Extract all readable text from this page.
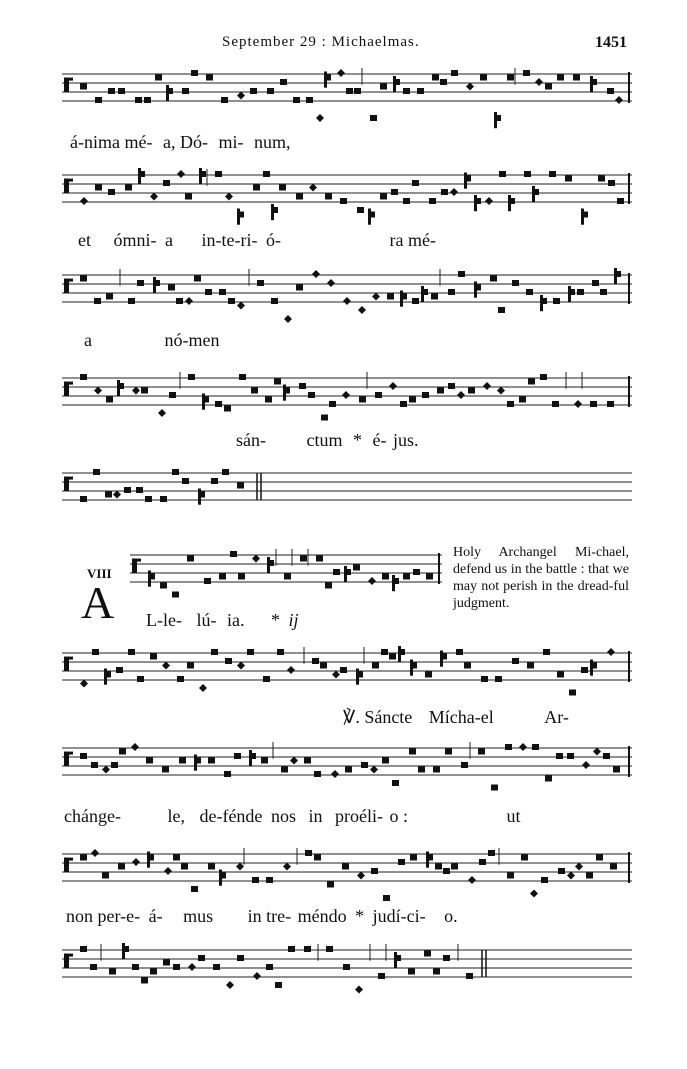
September 29 : Michaelmas.	1451
á-nima mé- a, Dó- mi- num,
et ómni- a in-te-ri- ó-	ra mé-
a	nó-men
sán- ctum * é- jus.
VIII
A L-le- lú- ia. * ij
Holy Archangel Mi-chael, defend us in the battle : that we may not perish in the dread-ful judgment.
℣. Sáncte Mícha-el	Ar-
chánge-	le, de-fénde nos in proéli- o :	ut
non per-e- á- mus in tre- méndo * judí-ci- o.
